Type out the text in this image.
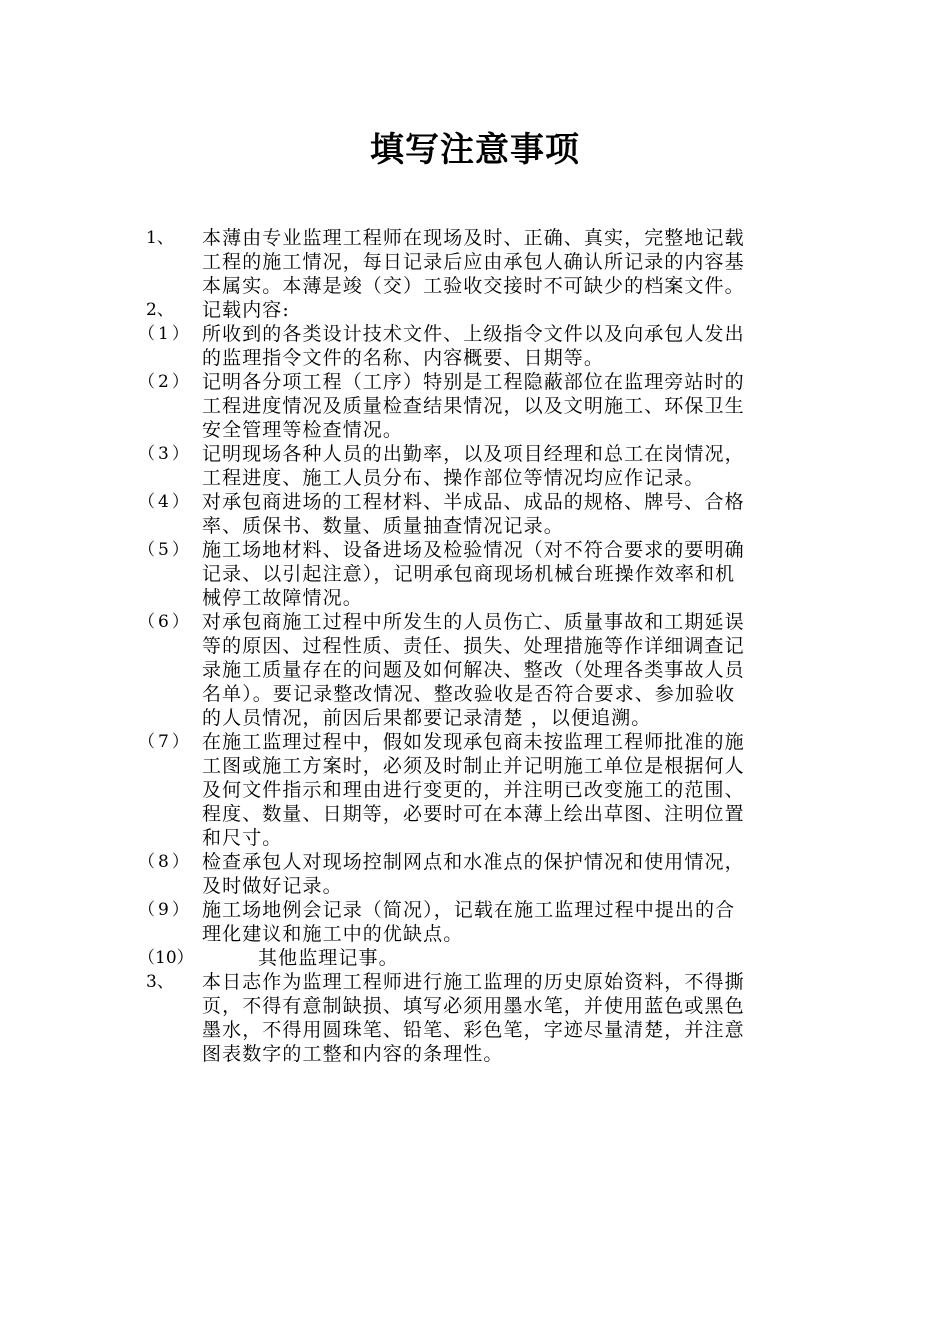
填写注意事项
1、	本薄由专业监理工程师在现场及时、正确、真实，完整地记载
工程的施工情况，每日记录后应由承包人确认所记录的内容基
本属实。本薄是竣（交）工验收交接时不可缺少的档案文件。
2、	记载内容:
（1） 所收到的各类设计技术文件、上级指令文件以及向承包人发出
的监理指令文件的名称、内容概要、日期等。
（2） 记明各分项工程（工序）特别是工程隐蔽部位在监理旁站时的
工程进度情况及质量检查结果情况，以及文明施工、环保卫生
安全管理等检查情况。
（3） 记明现场各种人员的出勤率，以及项目经理和总工在岗情况，
工程进度、施工人员分布、操作部位等情况均应作记录。
（4） 对承包商进场的工程材料、半成品、成品的规格、牌号、合格
率、质保书、数量、质量抽查情况记录。
（5） 施工场地材料、设备进场及检验情况（对不符合要求的要明确
记录、以引起注意），记明承包商现场机械台班操作效率和机
械停工故障情况。
（6） 对承包商施工过程中所发生的人员伤亡、质量事故和工期延误
等的原因、过程性质、责任、损失、处理措施等作详细调查记
录施工质量存在的问题及如何解决、整改（处理各类事故人员
名单）。要记录整改情况、整改验收是否符合要求、参加验收
的人员情况，前因后果都要记录清楚 ，以便追溯。
（7） 在施工监理过程中，假如发现承包商未按监理工程师批准的施
工图或施工方案时，必须及时制止并记明施工单位是根据何人
及何文件指示和理由进行变更的，并注明已改变施工的范围、
程度、数量、日期等，必要时可在本薄上绘出草图、注明位置
和尺寸。
（8） 检查承包人对现场控制网点和水准点的保护情况和使用情况，
及时做好记录。
（9） 施工场地例会记录（简况），记载在施工监理过程中提出的合
理化建议和施工中的优缺点。
（10）	其他监理记事。
3、	本日志作为监理工程师进行施工监理的历史原始资料，不得撕
页，不得有意制缺损、填写必须用墨水笔，并使用蓝色或黑色
墨水，不得用圆珠笔、铅笔、彩色笔，字迹尽量清楚，并注意
图表数字的工整和内容的条理性。
